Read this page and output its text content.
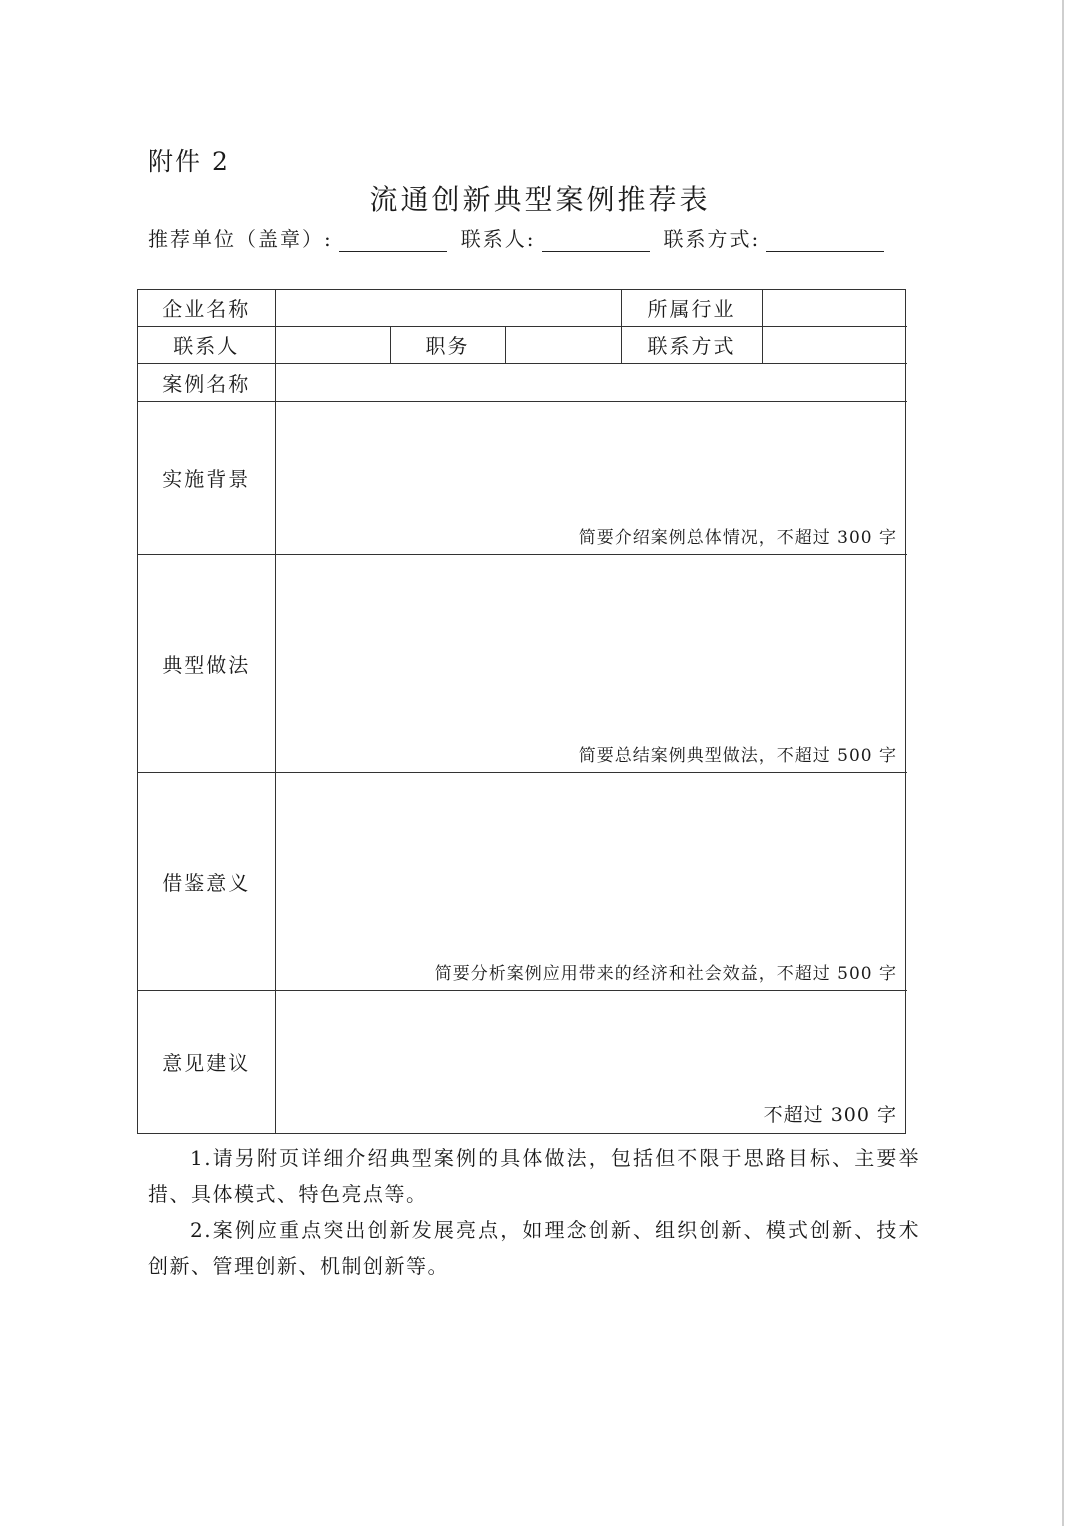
附件 2
流通创新典型案例推荐表
推荐单位（盖章）:	联系人:	联系方式:
企业名称				所属行业	
联系人		职务		联系方式	
案例名称					
实施背景	简要介绍案例总体情况，不超过 300 字				

典型做法	简要总结案例典型做法，不超过 500 字				

借鉴意义	简要分析案例应用带来的经济和社会效益，不超过 500 字				

意见建议	不超过 300 字				

1.请另附页详细介绍典型案例的具体做法，包括但不限于思路目标、主要举措、具体模式、特色亮点等。

2.案例应重点突出创新发展亮点，如理念创新、组织创新、模式创新、技术创新、管理创新、机制创新等。
